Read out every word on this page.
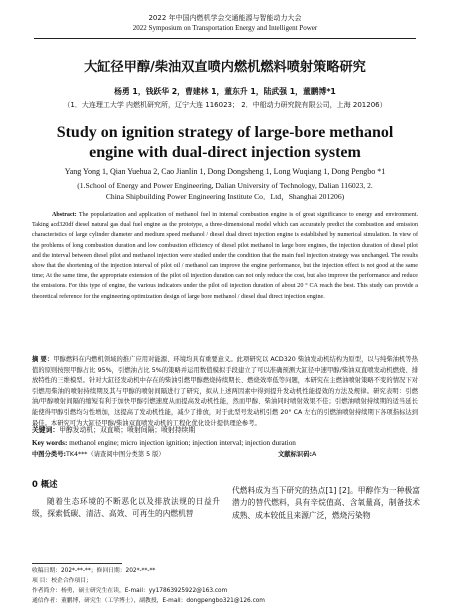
2022 年中国内燃机学会交通能源与智能动力大会
2022 Symposium on Transportation Energy and Intelligent Power
大缸径甲醇/柴油双直喷内燃机燃料喷射策略研究
杨勇 1，钱跃华 2，曹建林 1，董东升 1，陆武强 1，董鹏博*1
（1．大连理工大学 内燃机研究所，辽宁大连 116023； 2．中船动力研究院有限公司，上海 201206）
Study on ignition strategy of large-bore methanol engine with dual-direct injection system
Yang Yong 1, Qian Yuehua 2, Cao Jianlin 1, Dong Dongsheng 1, Long Wuqiang 1, Dong Pengbo *1
(1.School of Energy and Power Engineering, Dalian University of Technology, Dalian 116023, 2.
China Shipbuilding Power Engineering Institute Co．Ltd，Shanghai 201206)
Abstract: The popularization and application of methanol fuel in internal combustion engine is of great significance to energy and environment. Taking acd320df diesel natural gas dual fuel engine as the prototype, a three-dimensional model which can accurately predict the combustion and emission characteristics of large cylinder diameter and medium speed methanol / diesel dual direct injection engine is established by numerical simulation. In view of the problems of long combustion duration and low combustion efficiency of diesel pilot methanol in large bore engines, the injection duration of diesel pilot and the interval between diesel pilot and methanol injection were studied under the condition that the main fuel injection strategy was unchanged. The results show that the shortening of the injection interval of pilot oil / methanol can improve the engine performance, but the injection effect is not good at the same time; At the same time, the appropriate extension of the pilot oil injection duration can not only reduce the cost, but also improve the performance and reduce the emissions. For this type of engine, the various indicators under the pilot oil injection duration of about 20 ° CA reach the best. This study can provide a theoretical reference for the engineering optimization design of large bore methanol / diesel dual direct injection engine.
摘 要：甲醇燃料在内燃机领域的推广应用对能源、环境均具有重要意义。此项研究以 ACD320 柴油发动机结构为原型，以与纯柴油机等热值的原则按照甲醇占比 95%，引燃油占比 5%的策略并运用数值模拟手段建立了可以准确预测大缸径中速甲醇/柴油双直喷发动机燃烧、排放特性的三维模型。针对大缸径发动机中存在的柴油引燃甲醇燃烧持续期长、燃烧效率低等问题，本研究在主燃油喷射策略不变的情况下对引燃用柴油的喷射持续期及其与甲醇的喷射间隔进行了研究，拟从上述两因素中得到提升发动机性能提效的方法及规律。研究表明：引燃油/甲醇喷射间隔的缩短有利于加快甲醇引燃速度从而提高发动机性能，然而甲醇、柴油同时喷射效果不佳；引燃油喷射持续期的适当延长能使得甲醇引燃均匀性增加，这提高了发动机性能，减少了排放，对于此型号发动机引燃 20° CA 左右的引燃油喷射持续期下各项指标达到最佳。本研究可为大缸径甲醇/柴油双直喷发动机的工程化优化设计提供理论参考。
关键词：甲醇发动机；双直喷；喷射间隔；喷射持续期
Key words: methanol engine; micro injection ignition; injection interval; injection duration
中图分类号:TK4***（请查阅中图分类第 5 版）	文献标识码:A
0 概述

随着生态环境的不断恶化以及排放法规的日益升级，探索低碳、清洁、高效、可再生的内燃机替

代燃料成为当下研究的热点[1] [2]。甲醇作为一种极富潜力的替代燃料，具有辛烷值高、含氧量高，制备技术成熟、成本较低且来源广泛，燃烧污染物

收稿日期：202*-**-**；修回日期：202*-**-**
项 目：校企合作项目；
作者简介：杨勇，硕士研究生在读，E-mail：yy17863925922@163.com
通信作者：董鹏博，研究生（工学博士），副教授，E-mail：dongpengbo321@126.com
